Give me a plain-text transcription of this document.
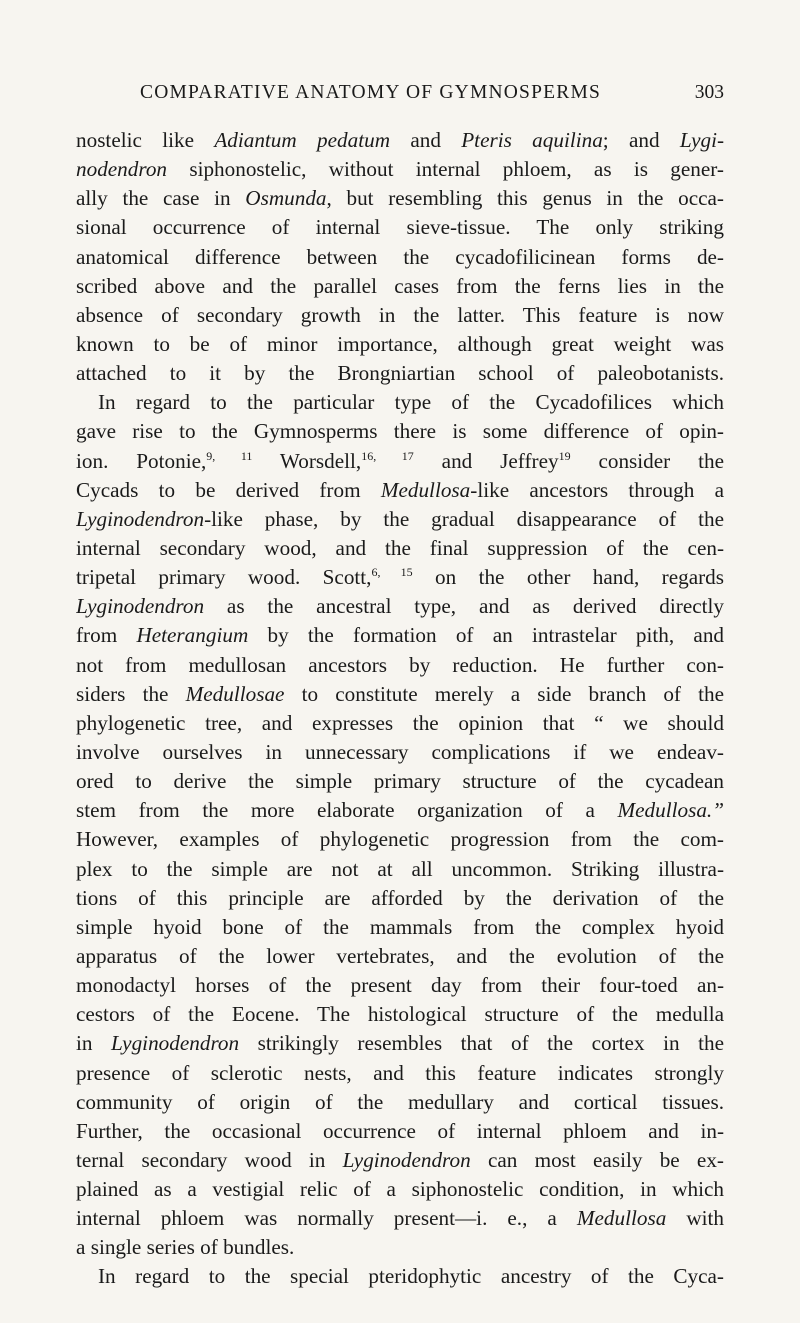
COMPARATIVE ANATOMY OF GYMNOSPERMS	303
nostelic like Adiantum pedatum and Pteris aquilina; and Lygi-
nodendron siphonostelic, without internal phloem, as is gener-
ally the case in Osmunda, but resembling this genus in the occa-
sional occurrence of internal sieve-tissue. The only striking
anatomical difference between the cycadofilicinean forms de-
scribed above and the parallel cases from the ferns lies in the
absence of secondary growth in the latter. This feature is now
known to be of minor importance, although great weight was
attached to it by the Brongniartian school of paleobotanists.
In regard to the particular type of the Cycadofilices which
gave rise to the Gymnosperms there is some difference of opin-
ion. Potonie,$^{9, 11}$ Worsdell,$^{16, 17}$ and Jeffrey$^{19}$ consider the
Cycads to be derived from Medullosa-like ancestors through a
Lyginodendron-like phase, by the gradual disappearance of the
internal secondary wood, and the final suppression of the cen-
tripetal primary wood. Scott,$^{6, 15}$ on the other hand, regards
Lyginodendron as the ancestral type, and as derived directly
from Heterangium by the formation of an intrastelar pith, and
not from medullosan ancestors by reduction. He further con-
siders the Medullosae to constitute merely a side branch of the
phylogenetic tree, and expresses the opinion that “ we should
involve ourselves in unnecessary complications if we endeav-
ored to derive the simple primary structure of the cycadean
stem from the more elaborate organization of a Medullosa.”
However, examples of phylogenetic progression from the com-
plex to the simple are not at all uncommon. Striking illustra-
tions of this principle are afforded by the derivation of the
simple hyoid bone of the mammals from the complex hyoid
apparatus of the lower vertebrates, and the evolution of the
monodactyl horses of the present day from their four-toed an-
cestors of the Eocene. The histological structure of the medulla
in Lyginodendron strikingly resembles that of the cortex in the
presence of sclerotic nests, and this feature indicates strongly
community of origin of the medullary and cortical tissues.
Further, the occasional occurrence of internal phloem and in-
ternal secondary wood in Lyginodendron can most easily be ex-
plained as a vestigial relic of a siphonostelic condition, in which
internal phloem was normally present—i. e., a Medullosa with
a single series of bundles.
In regard to the special pteridophytic ancestry of the Cyca-
